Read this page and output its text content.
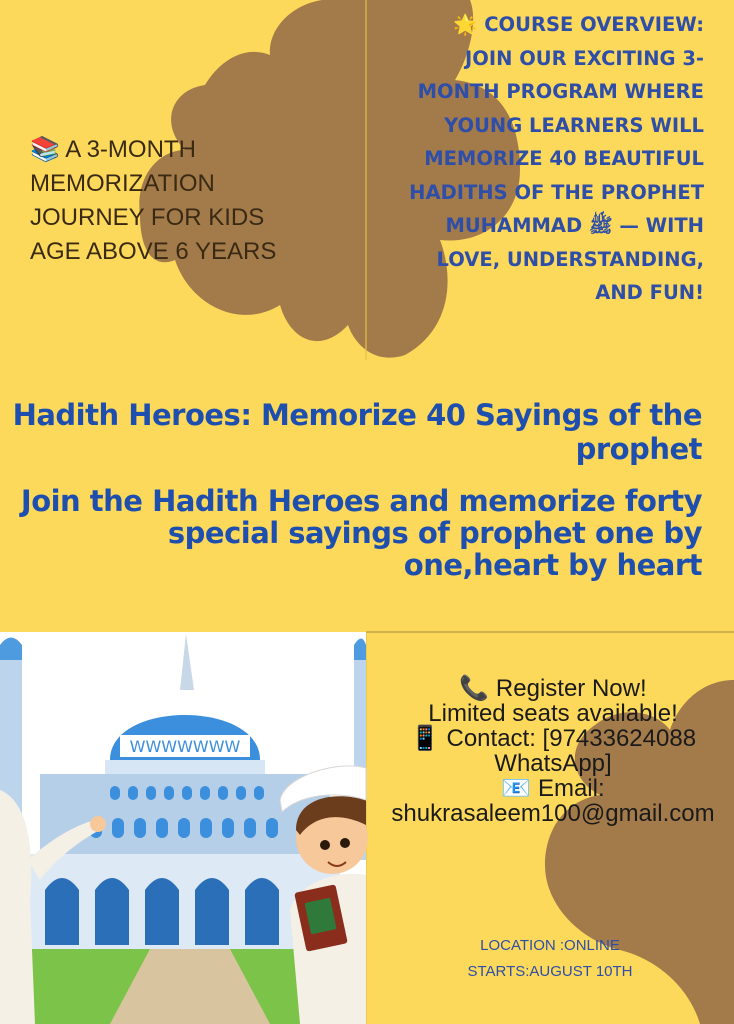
WWWWWWW
📚 A 3-MONTH MEMORIZATION JOURNEY FOR KIDS AGE ABOVE 6 YEARS
🌟 COURSE OVERVIEW: JOIN OUR EXCITING 3-MONTH PROGRAM WHERE YOUNG LEARNERS WILL MEMORIZE 40 BEAUTIFUL HADITHS OF THE PROPHET MUHAMMAD ﷺ — WITH LOVE, UNDERSTANDING, AND FUN!
Hadith Heroes: Memorize 40 Sayings of the prophet
Join the Hadith Heroes and memorize forty special sayings of prophet one by one,heart by heart
📞 Register Now!
Limited seats available!
📱 Contact: [97433624088 WhatsApp]
📧 Email:
shukrasaleem100@gmail.com
LOCATION :ONLINE
STARTS:AUGUST 10TH
